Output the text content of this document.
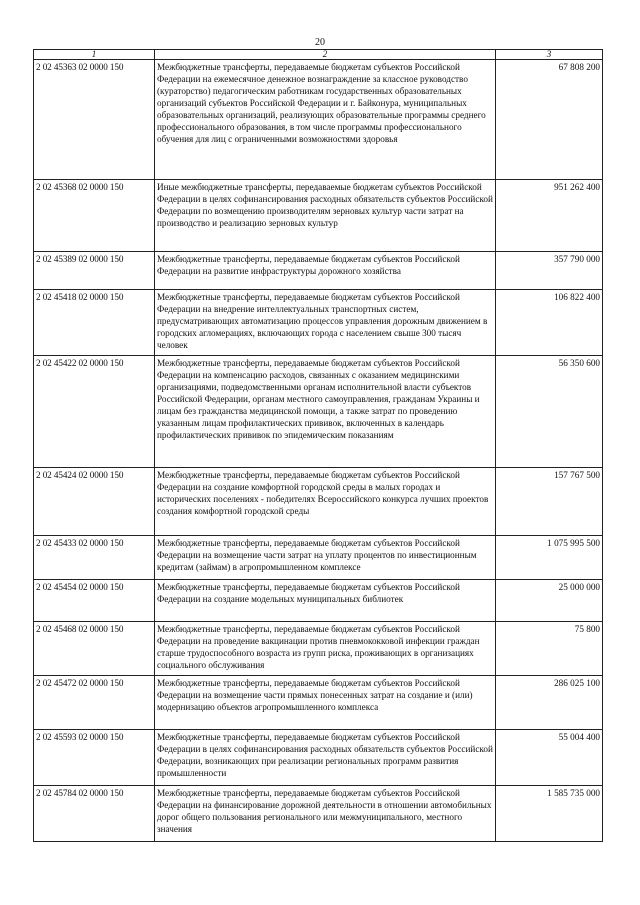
20
1	2	3
2 02 45363 02 0000 150	Межбюджетные трансферты, передаваемые бюджетам субъектов Российской Федерации на ежемесячное денежное вознаграждение за классное руководство (кураторство) педагогическим работникам государственных образовательных организаций субъектов Российской Федерации и г. Байконура, муниципальных образовательных организаций, реализующих образовательные программы среднего профессионального образования, в том числе программы профессионального обучения для лиц с ограниченными возможностями здоровья	67 808 200
2 02 45368 02 0000 150	Иные межбюджетные трансферты, передаваемые бюджетам субъектов Российской Федерации в целях софинансирования расходных обязательств субъектов Российской Федерации по возмещению производителям зерновых культур части затрат на производство и реализацию зерновых культур	951 262 400
2 02 45389 02 0000 150	Межбюджетные трансферты, передаваемые бюджетам субъектов Российской Федерации на развитие инфраструктуры дорожного хозяйства	357 790 000
2 02 45418 02 0000 150	Межбюджетные трансферты, передаваемые бюджетам субъектов Российской Федерации на внедрение интеллектуальных транспортных систем, предусматривающих автоматизацию процессов управления дорожным движением в городских агломерациях, включающих города с населением свыше 300 тысяч человек	106 822 400
2 02 45422 02 0000 150	Межбюджетные трансферты, передаваемые бюджетам субъектов Российской Федерации на компенсацию расходов, связанных с оказанием медицинскими организациями, подведомственными органам исполнительной власти субъектов Российской Федерации, органам местного самоуправления, гражданам Украины и лицам без гражданства медицинской помощи, а также затрат по проведению указанным лицам профилактических прививок, включенных в календарь профилактических прививок по эпидемическим показаниям	56 350 600
2 02 45424 02 0000 150	Межбюджетные трансферты, передаваемые бюджетам субъектов Российской Федерации на создание комфортной городской среды в малых городах и исторических поселениях - победителях Всероссийского конкурса лучших проектов создания комфортной городской среды	157 767 500
2 02 45433 02 0000 150	Межбюджетные трансферты, передаваемые бюджетам субъектов Российской Федерации на возмещение части затрат на уплату процентов по инвестиционным кредитам (займам) в агропромышленном комплексе	1 075 995 500
2 02 45454 02 0000 150	Межбюджетные трансферты, передаваемые бюджетам субъектов Российской Федерации на создание модельных муниципальных библиотек	25 000 000
2 02 45468 02 0000 150	Межбюджетные трансферты, передаваемые бюджетам субъектов Российской Федерации на проведение вакцинации против пневмококковой инфекции граждан старше трудоспособного возраста из групп риска, проживающих в организациях социального обслуживания	75 800
2 02 45472 02 0000 150	Межбюджетные трансферты, передаваемые бюджетам субъектов Российской Федерации на возмещение части прямых понесенных затрат на создание и (или) модернизацию объектов агропромышленного комплекса	286 025 100
2 02 45593 02 0000 150	Межбюджетные трансферты, передаваемые бюджетам субъектов Российской Федерации в целях софинансирования расходных обязательств субъектов Российской Федерации, возникающих при реализации региональных программ развития промышленности	55 004 400
2 02 45784 02 0000 150	Межбюджетные трансферты, передаваемые бюджетам субъектов Российской Федерации на финансирование дорожной деятельности в отношении автомобильных дорог общего пользования регионального или межмуниципального, местного значения	1 585 735 000
